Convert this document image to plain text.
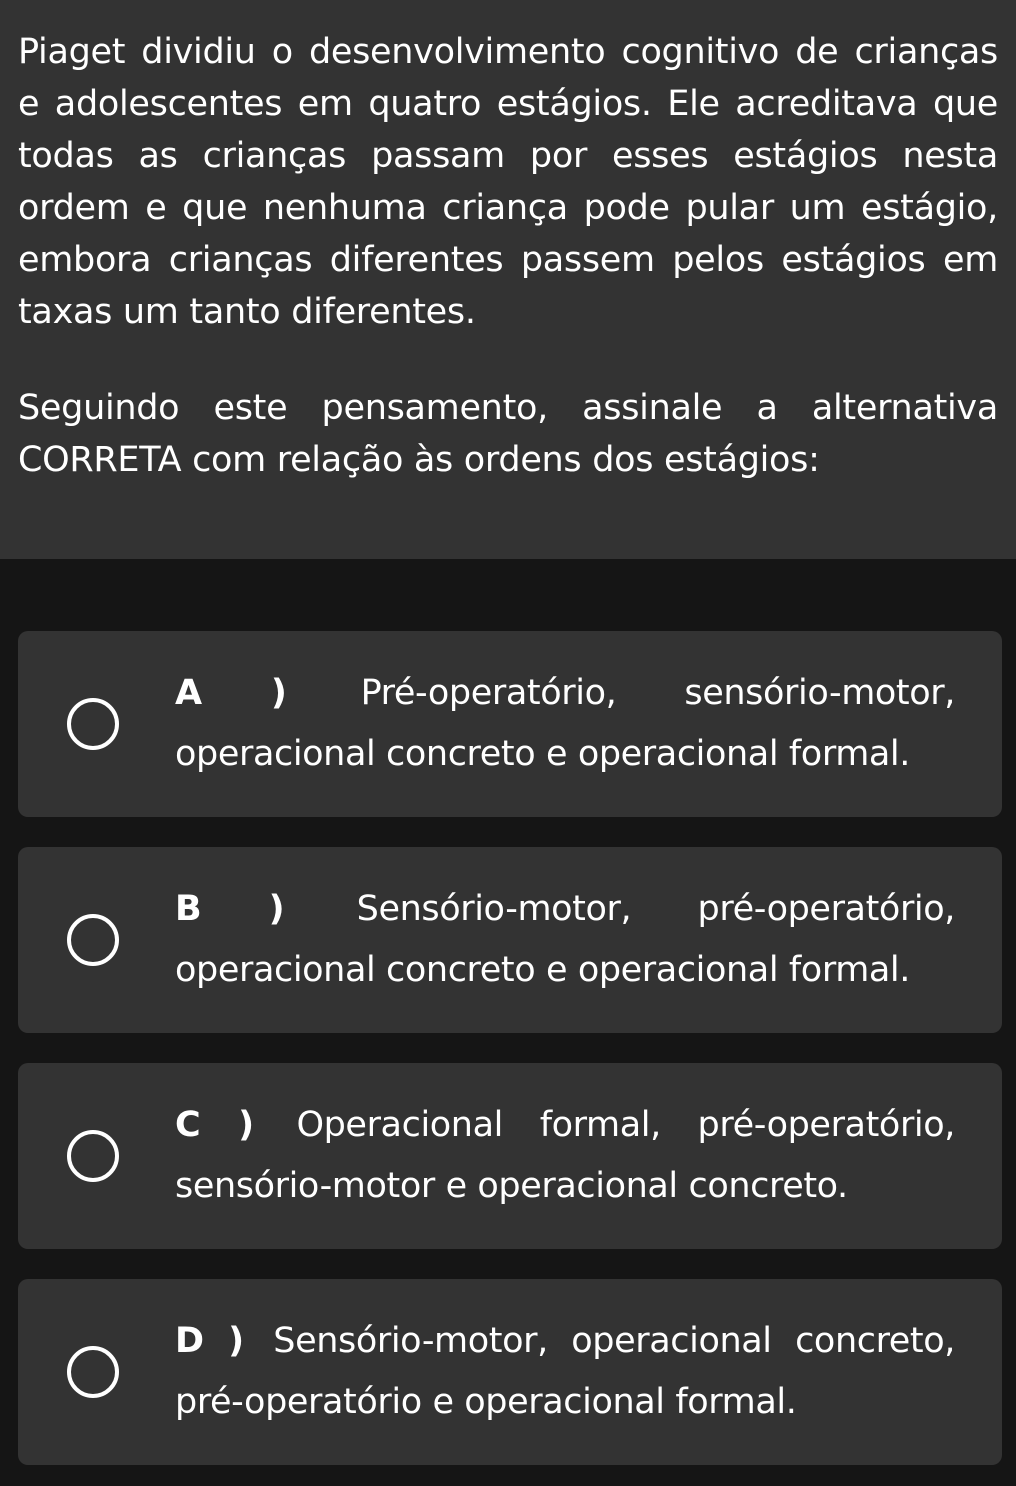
Piaget dividiu o desenvolvimento cognitivo de crianças e adolescentes em quatro estágios. Ele acreditava que todas as crianças passam por esses estágios nesta ordem e que nenhuma criança pode pular um estágio, embora crianças diferentes passem pelos estágios em taxas um tanto diferentes.

Seguindo este pensamento, assinale a alternativa CORRETA com relação às ordens dos estágios:

A ) Pré-operatório, sensório-motor, operacional concreto e operacional formal.

B ) Sensório-motor, pré-operatório, operacional concreto e operacional formal.

C ) Operacional formal, pré-operatório, sensório-motor e operacional concreto.

D ) Sensório-motor, operacional concreto, pré-operatório e operacional formal.
